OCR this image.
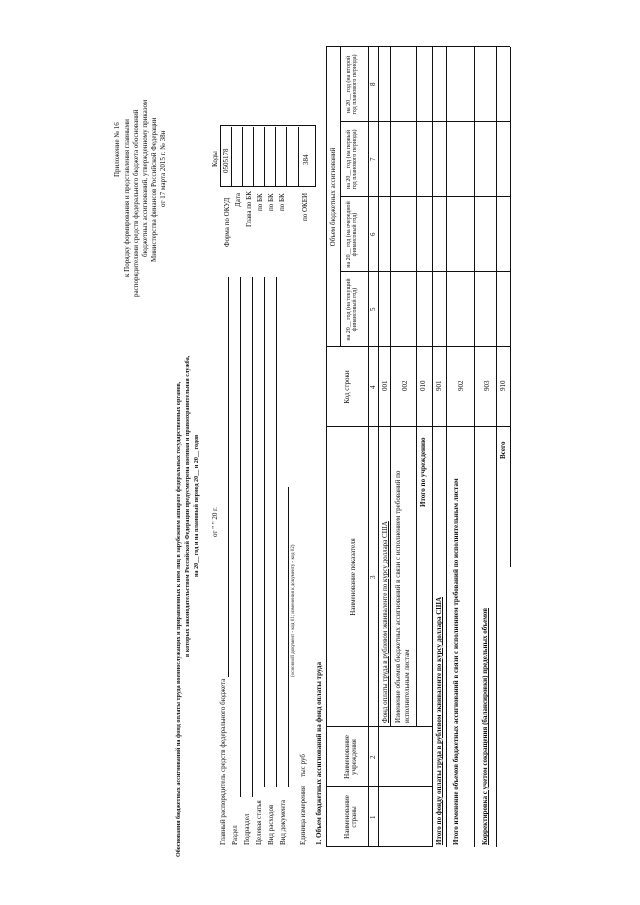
Приложение № 16 к Порядку формирования и представления главными распорядителями средств федерального бюджета обоснований бюджетных ассигнований, утвержденному приказом Министерства финансов Российской Федерации от 17 марта 2015 г. № 38н
Обоснования бюджетных ассигнований на фонд оплаты труда военнослужащих и приравненных к ним лиц в зарубежном аппарате федеральных государственных органов, в которых законодательством Российской Федерации предусмотрена военная и правоохранительная служба, на 20__ год и на плановый период 20__ и 20__ годов от " " 20 г.
Главный распорядитель средств федерального бюджета Раздел Подраздел Целевая статья Вид расходов Вид документа
(основной документ - код 01; изменения к документу - код 02)
Единица измерения
тыс руб
Коды
Форма по ОКУД Дата Глава по БК по БК по БК по БК по ОКЕИ
0505178	384
1. Объем бюджетных ассигнований на фонд оплаты труда	Наименование страны
Наименование учреждения
Наименование показателя
Код строки
Объем бюджетных ассигнований
на 20__ год (на текущий финансовый год)
на 20__ год (на очередной финансовый год)
на 20__ год (на первый год планового периода)
на 20__ год (на второй год планового периода)
1
2
3
4
5
6
7
8
Фонд оплаты труда в рублевом эквиваленте по курсу доллара США
001
Изменение объемов бюджетных ассигнований в связи с исполнением требований по исполнительным листам
002
Итого по учреждению
010
Итого по фонду оплаты труда в рублевом эквиваленте по курсу доллара США
901
Итого изменение объемов бюджетных ассигнований в связи с исполнением требований по исполнительным листам
902
Корректировка с учетом сокращения (балансировки) предельных объемов
903
Всего
910
